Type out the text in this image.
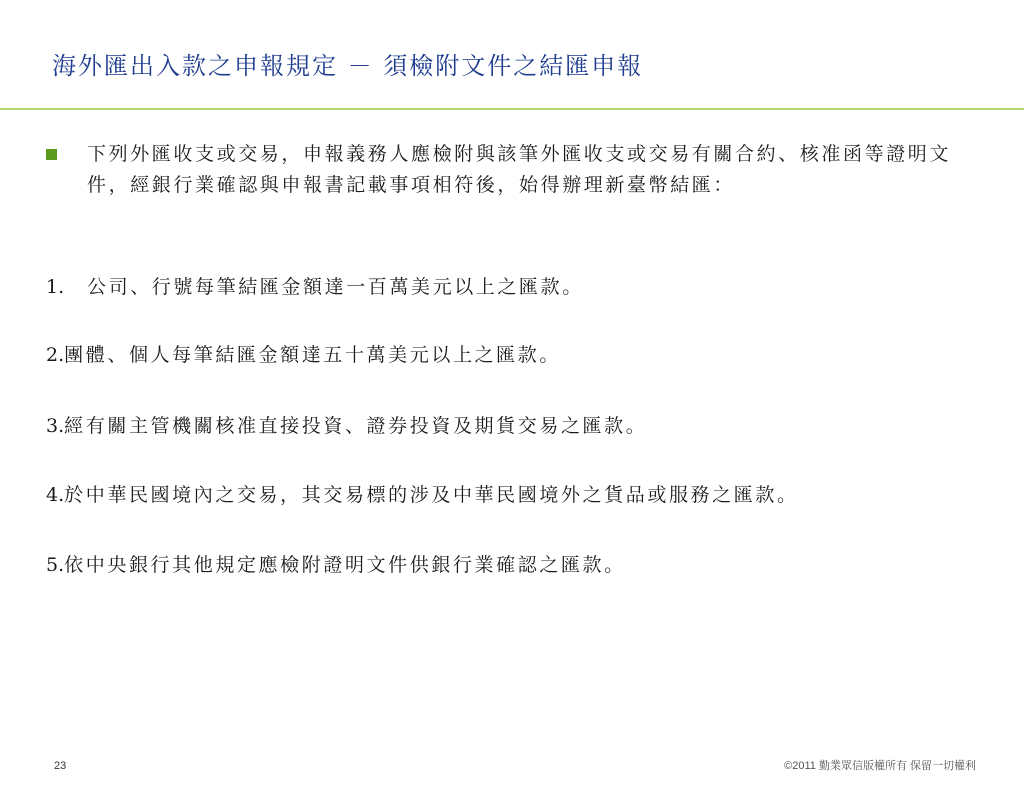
海外匯出入款之申報規定 － 須檢附文件之結匯申報
下列外匯收支或交易，申報義務人應檢附與該筆外匯收支或交易有關合約、核准函等證明文件，經銀行業確認與申報書記載事項相符後，始得辦理新臺幣結匯：
1. 公司、行號每筆結匯金額達一百萬美元以上之匯款。
2.團體、個人每筆結匯金額達五十萬美元以上之匯款。
3.經有關主管機關核准直接投資、證券投資及期貨交易之匯款。
4.於中華民國境內之交易，其交易標的涉及中華民國境外之貨品或服務之匯款。
5.依中央銀行其他規定應檢附證明文件供銀行業確認之匯款。
23	©2011 勤業眾信版權所有 保留一切權利
